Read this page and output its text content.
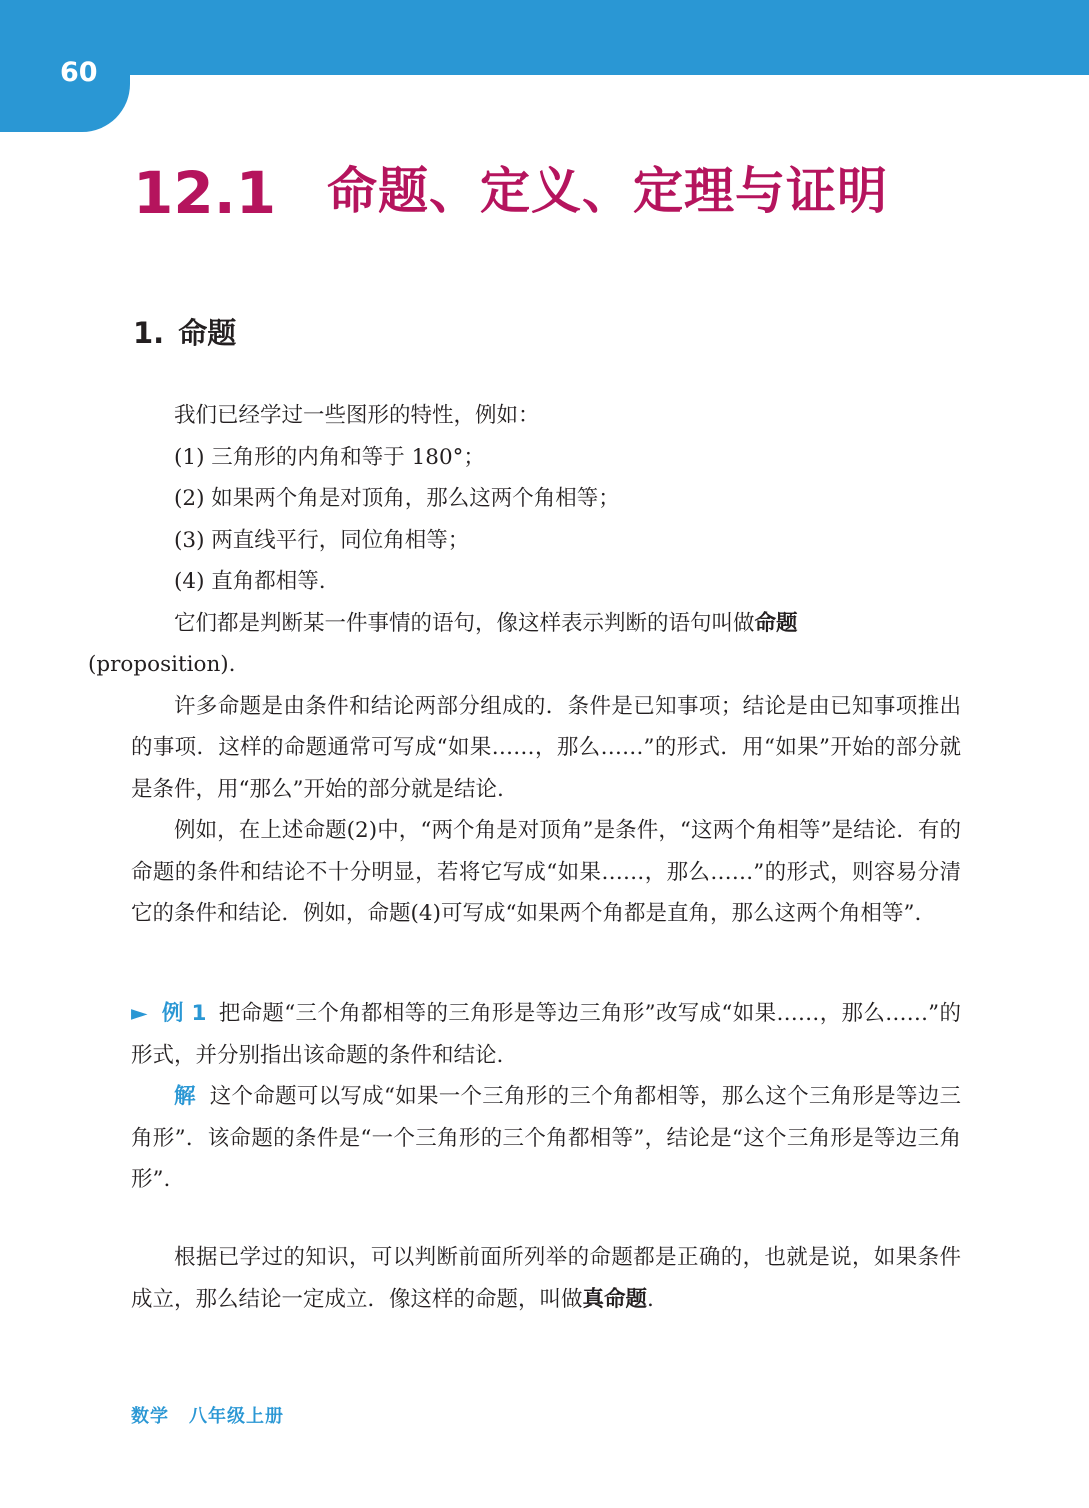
60
12.1 命题、定义、定理与证明
1. 命题

我们已经学过一些图形的特性，例如：

(1) 三角形的内角和等于 180°；

(2) 如果两个角是对顶角，那么这两个角相等；

(3) 两直线平行，同位角相等；

(4) 直角都相等.

它们都是判断某一件事情的语句，像这样表示判断的语句叫做命题
(proposition).

许多命题是由条件和结论两部分组成的．条件是已知事项；结论是由已知事项推出的事项．这样的命题通常可写成“如果……，那么……”的形式．用“如果”开始的部分就是条件，用“那么”开始的部分就是结论.

例如，在上述命题(2)中，“两个角是对顶角”是条件，“这两个角相等”是结论．有的命题的条件和结论不十分明显，若将它写成“如果……，那么……”的形式，则容易分清它的条件和结论．例如，命题(4)可写成“如果两个角都是直角，那么这两个角相等”.

► 例 1 把命题“三个角都相等的三角形是等边三角形”改写成“如果……，那么……”的形式，并分别指出该命题的条件和结论.

解 这个命题可以写成“如果一个三角形的三个角都相等，那么这个三角形是等边三角形”．该命题的条件是“一个三角形的三个角都相等”，结论是“这个三角形是等边三角形”.

根据已学过的知识，可以判断前面所列举的命题都是正确的，也就是说，如果条件成立，那么结论一定成立．像这样的命题，叫做真命题.

数学 八年级上册
